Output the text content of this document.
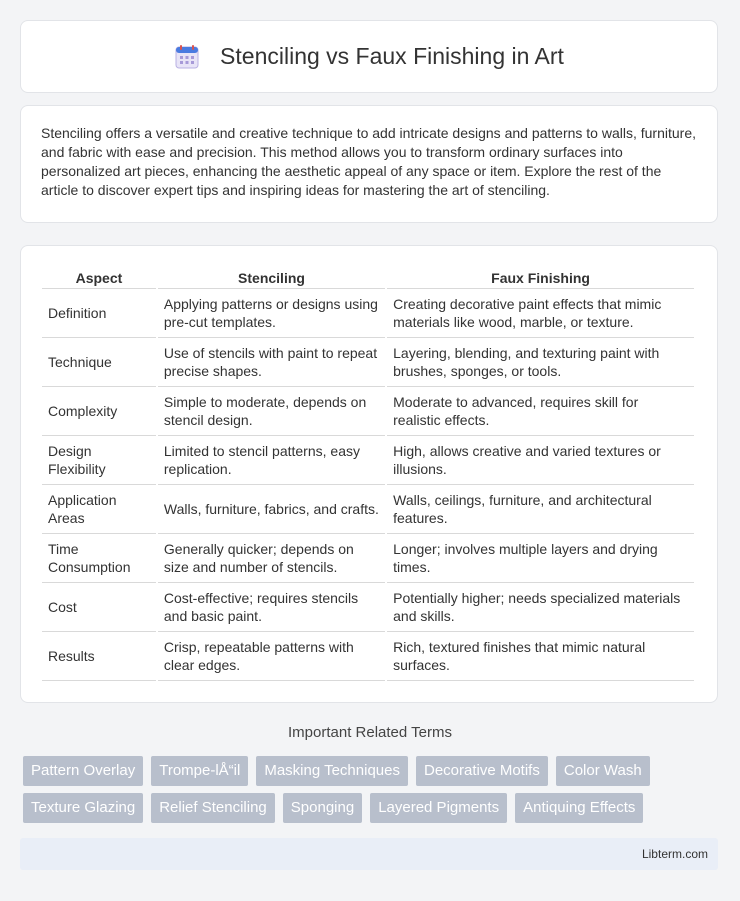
Stenciling vs Faux Finishing in Art

Stenciling offers a versatile and creative technique to add intricate designs and patterns to walls, furniture, and fabric with ease and precision. This method allows you to transform ordinary surfaces into personalized art pieces, enhancing the aesthetic appeal of any space or item. Explore the rest of the article to discover expert tips and inspiring ideas for mastering the art of stenciling.

Aspect	Stenciling	Faux Finishing
Definition	Applying patterns or designs using pre-cut templates.	Creating decorative paint effects that mimic materials like wood, marble, or texture.
Technique	Use of stencils with paint to repeat precise shapes.	Layering, blending, and texturing paint with brushes, sponges, or tools.
Complexity	Simple to moderate, depends on stencil design.	Moderate to advanced, requires skill for realistic effects.
Design Flexibility	Limited to stencil patterns, easy replication.	High, allows creative and varied textures or illusions.
Application Areas	Walls, furniture, fabrics, and crafts.	Walls, ceilings, furniture, and architectural features.
Time Consumption	Generally quicker; depends on size and number of stencils.	Longer; involves multiple layers and drying times.
Cost	Cost-effective; requires stencils and basic paint.	Potentially higher; needs specialized materials and skills.
Results	Crisp, repeatable patterns with clear edges.	Rich, textured finishes that mimic natural surfaces.
Important Related Terms
Pattern Overlay	Trompe-lÅ“il	Masking Techniques	Decorative Motifs	Color Wash
Texture Glazing	Relief Stenciling	Sponging	Layered Pigments	Antiquing Effects
Libterm.com
